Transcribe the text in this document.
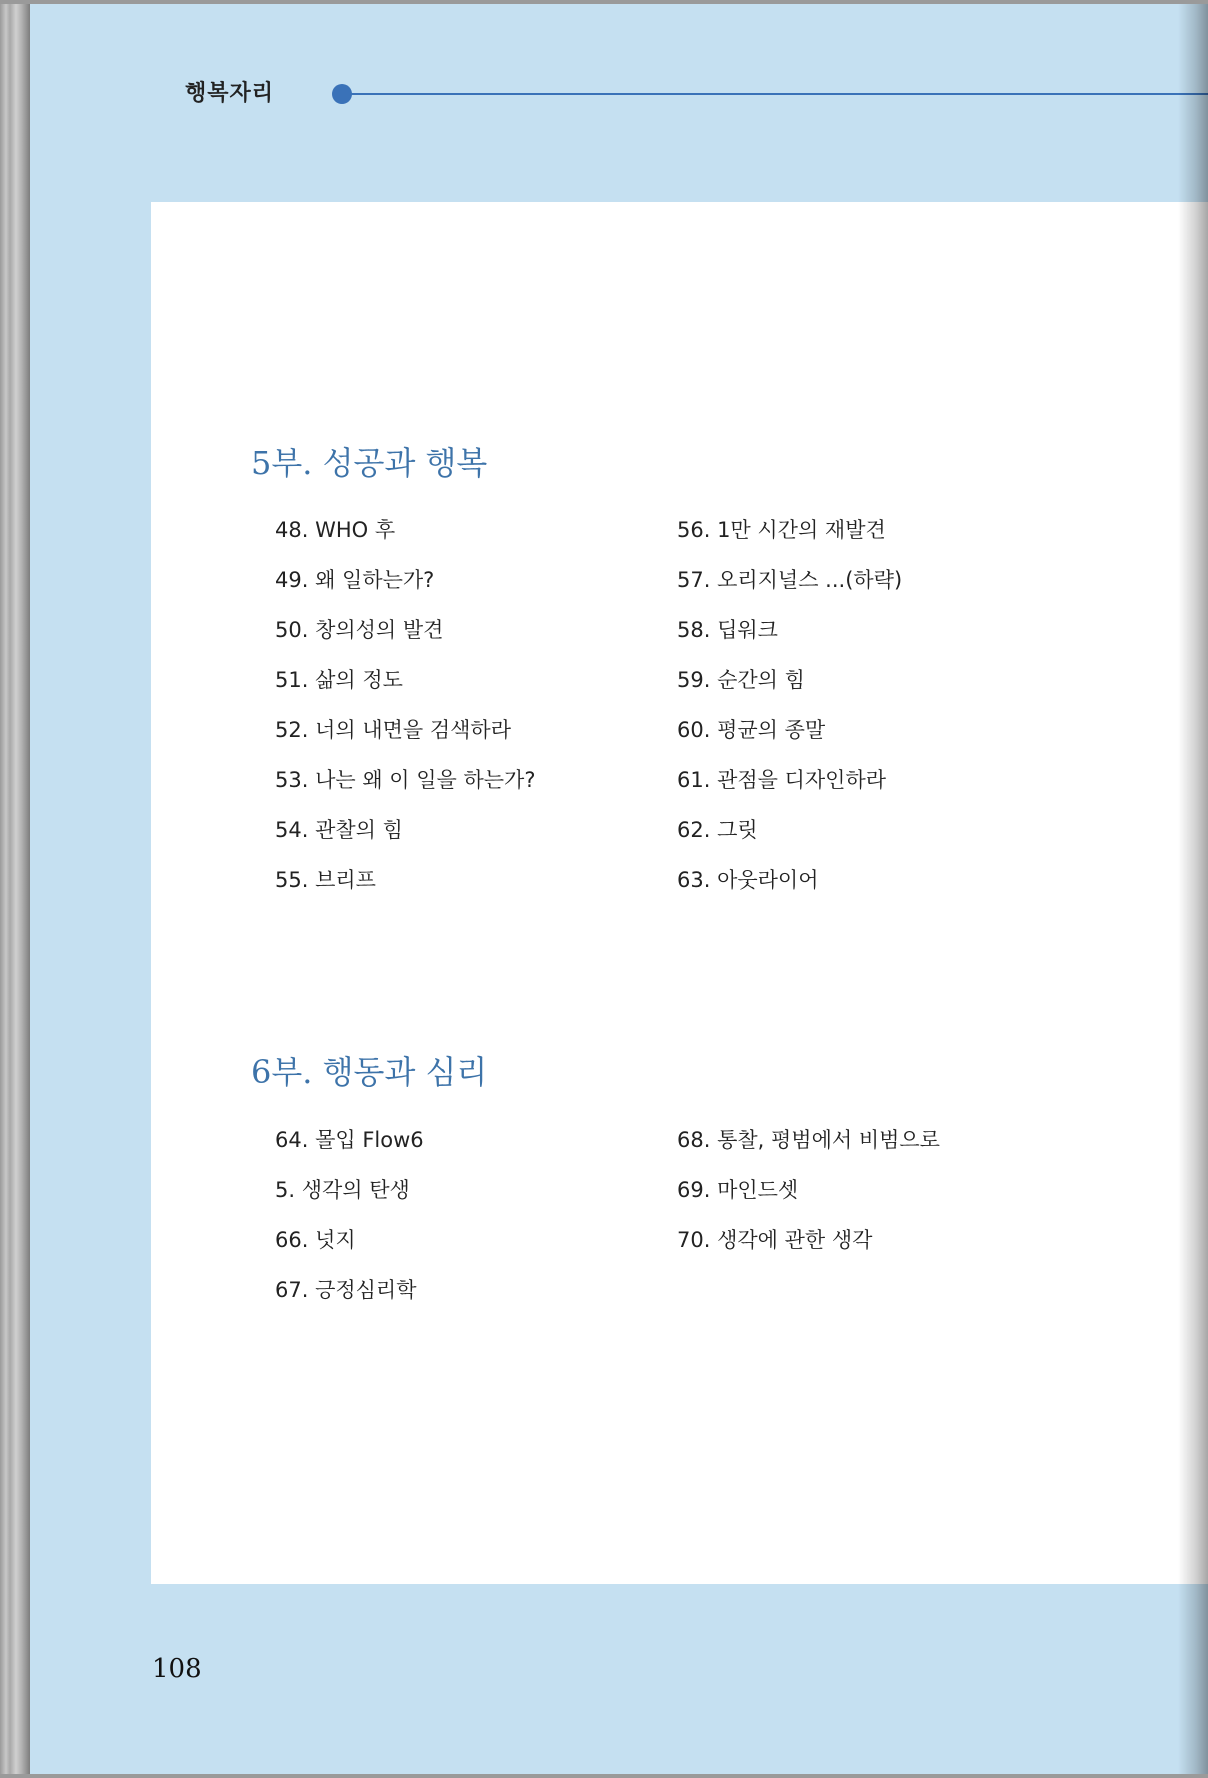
행복자리
5부. 성공과 행복
48. WHO 후
49. 왜 일하는가?
50. 창의성의 발견
51. 삶의 정도
52. 너의 내면을 검색하라
53. 나는 왜 이 일을 하는가?
54. 관찰의 힘
55. 브리프
56. 1만 시간의 재발견
57. 오리지널스 ...(하략)
58. 딥워크
59. 순간의 힘
60. 평균의 종말
61. 관점을 디자인하라
62. 그릿
63. 아웃라이어
6부. 행동과 심리
64. 몰입 Flow6
5. 생각의 탄생
66. 넛지
67. 긍정심리학
68. 통찰, 평범에서 비범으로
69. 마인드셋
70. 생각에 관한 생각
108
